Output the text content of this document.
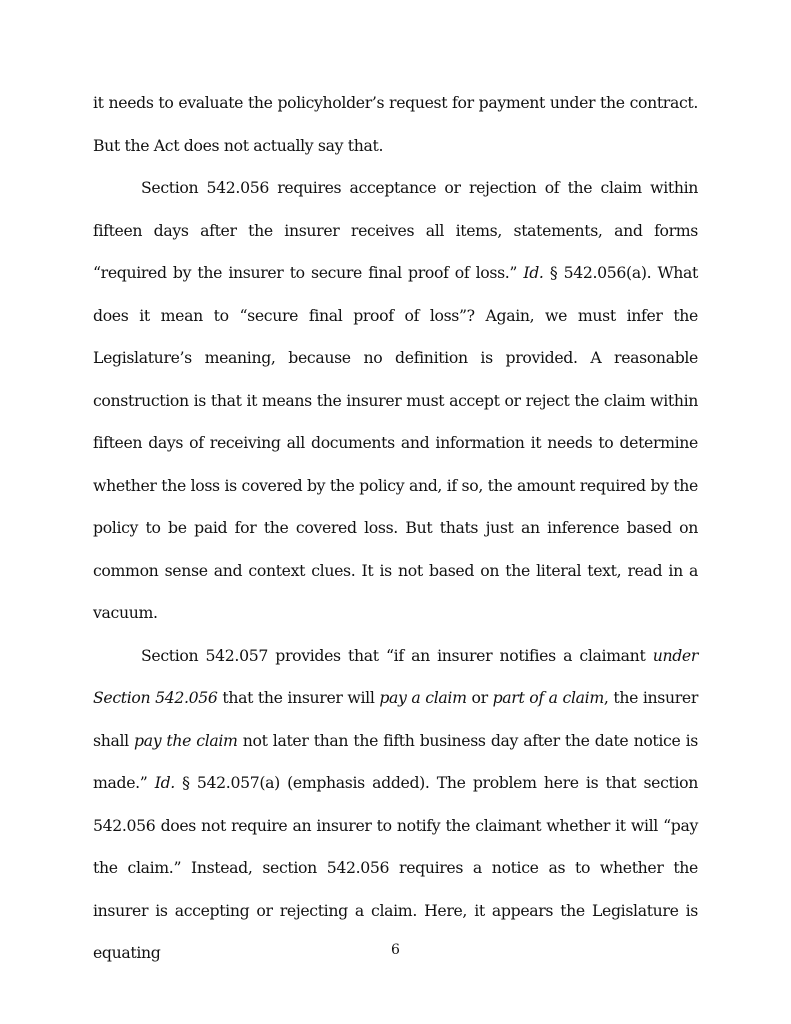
it needs to evaluate the policyholder’s request for payment under the contract. But the Act does not actually say that.

Section 542.056 requires acceptance or rejection of the claim within fifteen days after the insurer receives all items, statements, and forms “required by the insurer to secure final proof of loss.” Id. § 542.056(a). What does it mean to “secure final proof of loss”? Again, we must infer the Legislature’s meaning, because no definition is provided. A reasonable construction is that it means the insurer must accept or reject the claim within fifteen days of receiving all documents and information it needs to determine whether the loss is covered by the policy and, if so, the amount required by the policy to be paid for the covered loss. But thats just an inference based on common sense and context clues. It is not based on the literal text, read in a vacuum.

Section 542.057 provides that “if an insurer notifies a claimant under Section 542.056 that the insurer will pay a claim or part of a claim, the insurer shall pay the claim not later than the fifth business day after the date notice is made.” Id. § 542.057(a) (emphasis added). The problem here is that section 542.056 does not require an insurer to notify the claimant whether it will “pay the claim.” Instead, section 542.056 requires a notice as to whether the insurer is accepting or rejecting a claim. Here, it appears the Legislature is equating	6
